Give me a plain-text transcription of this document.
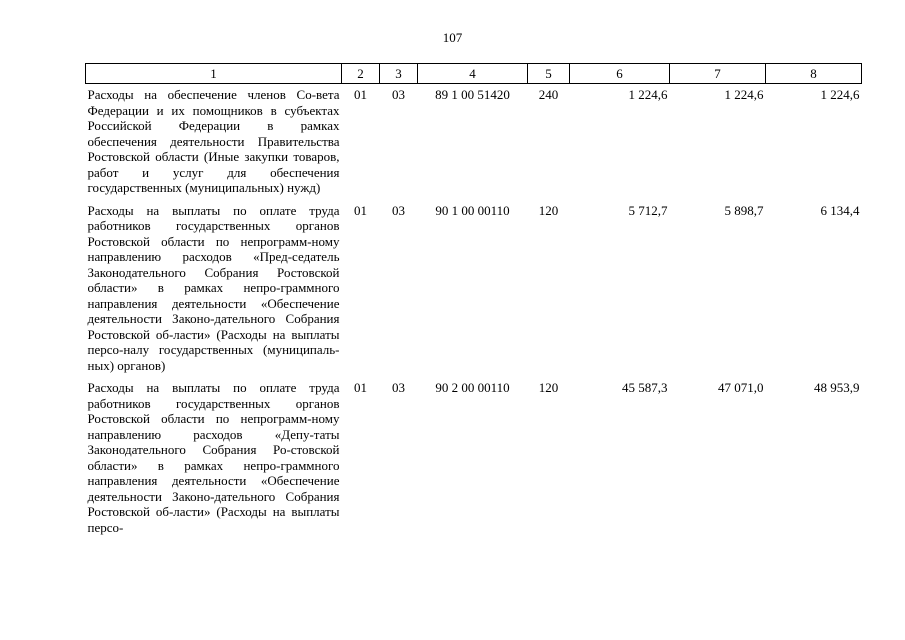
107
1	2	3	4	5	6	7	8
Расходы на обеспечение членов Со-вета Федерации и их помощников в субъектах Российской Федерации в рамках обеспечения деятельности Правительства Ростовской области (Иные закупки товаров, работ и услуг для обеспечения государственных (муниципальных) нужд)	01	03	89 1 00 51420	240	1 224,6	1 224,6	1 224,6
Расходы на выплаты по оплате труда работников государственных органов Ростовской области по непрограмм-ному направлению расходов «Пред-седатель Законодательного Собрания Ростовской области» в рамках непро-граммного направления деятельности «Обеспечение деятельности Законо-дательного Собрания Ростовской об-ласти» (Расходы на выплаты персо-налу государственных (муниципаль-ных) органов)	01	03	90 1 00 00110	120	5 712,7	5 898,7	6 134,4
Расходы на выплаты по оплате труда работников государственных органов Ростовской области по непрограмм-ному направлению расходов «Депу-таты Законодательного Собрания Ро-стовской области» в рамках непро-граммного направления деятельности «Обеспечение деятельности Законо-дательного Собрания Ростовской об-ласти» (Расходы на выплаты персо-	01	03	90 2 00 00110	120	45 587,3	47 071,0	48 953,9
